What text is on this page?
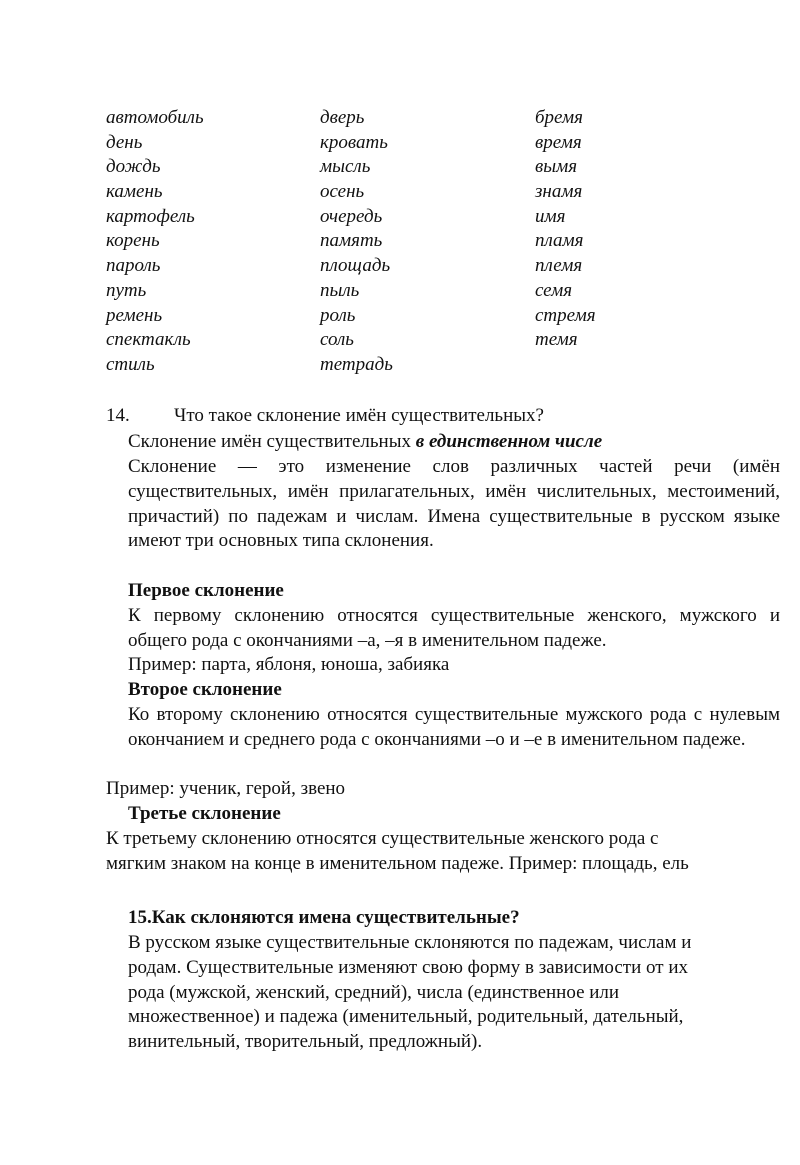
автомобиль
день
дождь
камень
картофель
корень
пароль
путь
ремень
спектакль
стиль
дверь
кровать
мысль
осень
очередь
память
площадь
пыль
роль
соль
тетрадь
бремя
время
вымя
знамя
имя
пламя
племя
семя
стремя
темя
14. Что такое склонение имён существительных?
Склонение имён существительных в единственном числе
Склонение — это изменение слов различных частей речи (имён существительных, имён прилагательных, имён числительных, местоимений, причастий) по падежам и числам. Имена существительные в русском языке имеют три основных типа склонения.
Первое склонение
К первому склонению относятся существительные женского, мужского и общего рода с окончаниями –а, –я в именительном падеже.
Пример: парта, яблоня, юноша, забияка
Второе склонение
Ко второму склонению относятся существительные мужского рода с нулевым окончанием и среднего рода с окончаниями –о и –е в именительном падеже.
Пример: ученик, герой, звено
Третье склонение
К третьему склонению относятся существительные женского рода с
мягким знаком на конце в именительном падеже. Пример: площадь, ель
15.Как склоняются имена существительные?
В русском языке существительные склоняются по падежам, числам и
родам. Существительные изменяют свою форму в зависимости от их
рода (мужской, женский, средний), числа (единственное или
множественное) и падежа (именительный, родительный, дательный,
винительный, творительный, предложный).
